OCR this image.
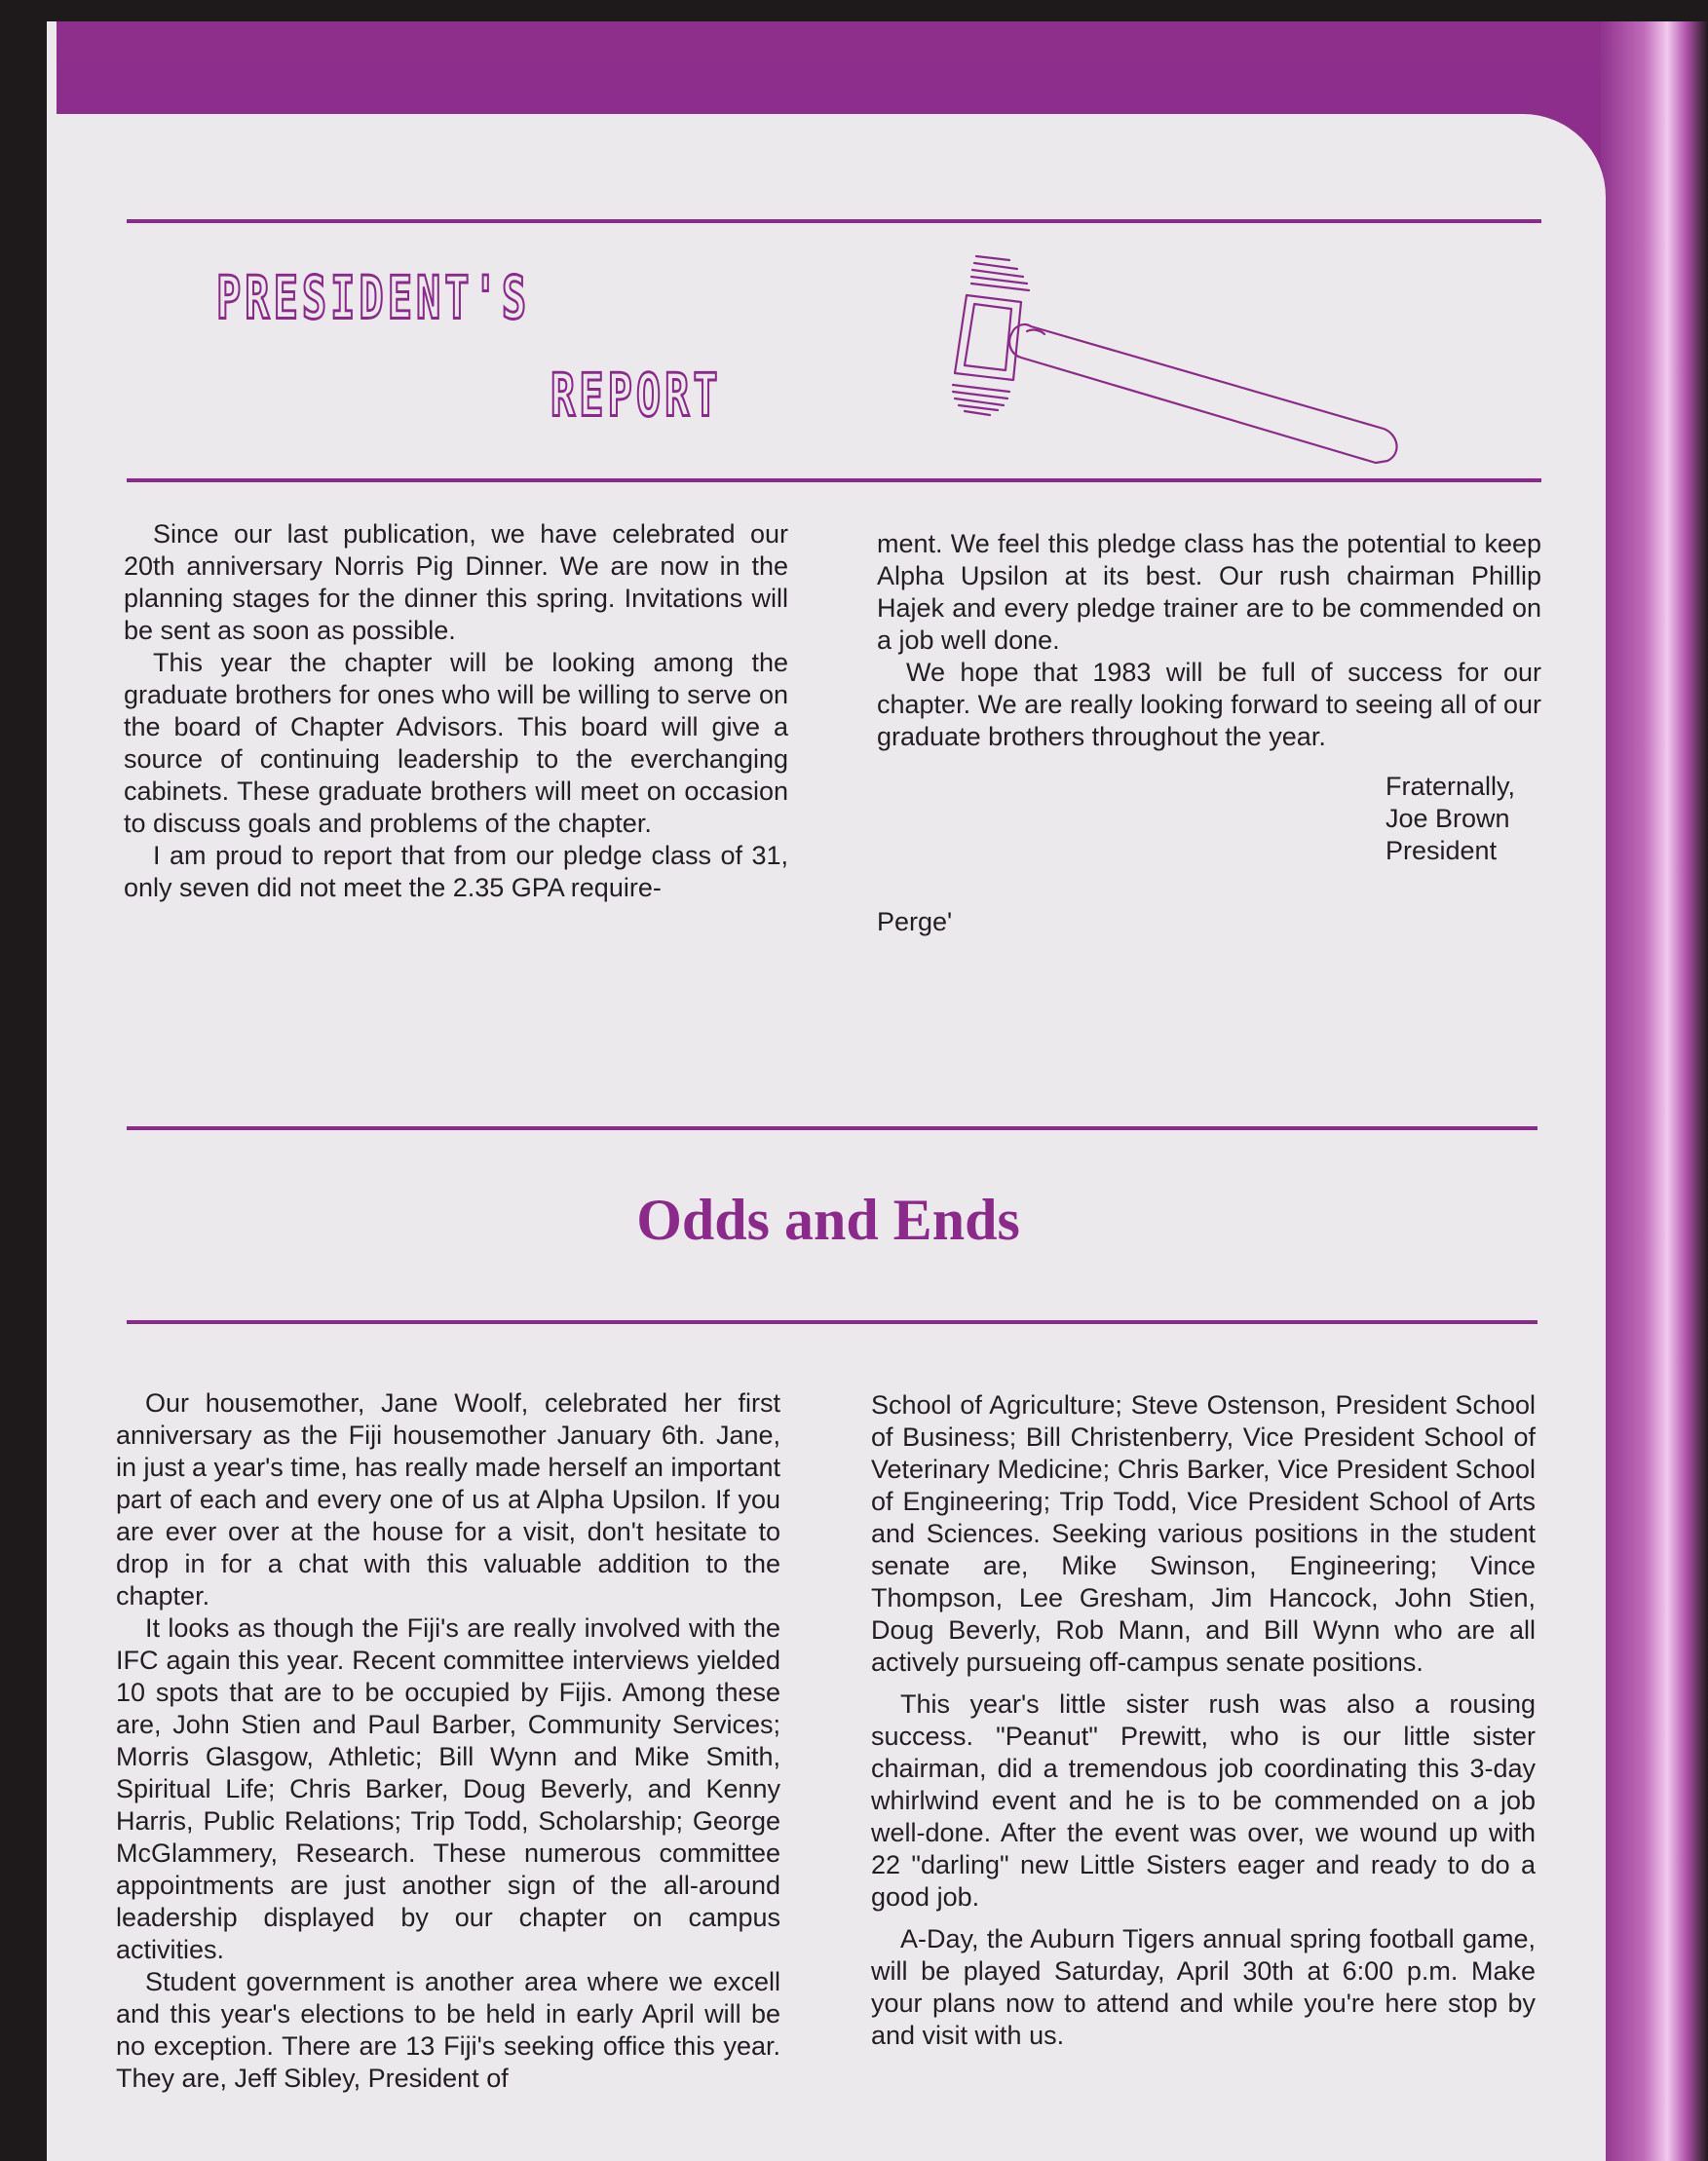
PRESIDENT'S
REPORT

Since our last publication, we have celebrated our 20th anniversary Norris Pig Dinner. We are now in the planning stages for the dinner this spring. Invitations will be sent as soon as possible.

This year the chapter will be looking among the graduate brothers for ones who will be willing to serve on the board of Chapter Advisors. This board will give a source of continuing leadership to the everchanging cabinets. These graduate brothers will meet on occasion to discuss goals and problems of the chapter.

I am proud to report that from our pledge class of 31, only seven did not meet the 2.35 GPA require-

ment. We feel this pledge class has the potential to keep Alpha Upsilon at its best. Our rush chairman Phillip Hajek and every pledge trainer are to be commended on a job well done.

We hope that 1983 will be full of success for our chapter. We are really looking forward to seeing all of our graduate brothers throughout the year.

Fraternally,
Joe Brown
President
Perge'
Odds and Ends

Our housemother, Jane Woolf, celebrated her first anniversary as the Fiji housemother January 6th. Jane, in just a year's time, has really made herself an important part of each and every one of us at Alpha Upsilon. If you are ever over at the house for a visit, don't hesitate to drop in for a chat with this valuable addition to the chapter.

It looks as though the Fiji's are really involved with the IFC again this year. Recent committee interviews yielded 10 spots that are to be occupied by Fijis. Among these are, John Stien and Paul Barber, Community Services; Morris Glasgow, Athletic; Bill Wynn and Mike Smith, Spiritual Life; Chris Barker, Doug Beverly, and Kenny Harris, Public Relations; Trip Todd, Scholarship; George McGlammery, Research. These numerous committee appointments are just another sign of the all-around leadership displayed by our chapter on campus activities.

Student government is another area where we excell and this year's elections to be held in early April will be no exception. There are 13 Fiji's seeking office this year. They are, Jeff Sibley, President of

School of Agriculture; Steve Ostenson, President School of Business; Bill Christenberry, Vice President School of Veterinary Medicine; Chris Barker, Vice President School of Engineering; Trip Todd, Vice President School of Arts and Sciences. Seeking various positions in the student senate are, Mike Swinson, Engineering; Vince Thompson, Lee Gresham, Jim Hancock, John Stien, Doug Beverly, Rob Mann, and Bill Wynn who are all actively pursueing off-campus senate positions.

This year's little sister rush was also a rousing success. "Peanut" Prewitt, who is our little sister chairman, did a tremendous job coordinating this 3-day whirlwind event and he is to be commended on a job well-done. After the event was over, we wound up with 22 "darling" new Little Sisters eager and ready to do a good job.

A-Day, the Auburn Tigers annual spring football game, will be played Saturday, April 30th at 6:00 p.m. Make your plans now to attend and while you're here stop by and visit with us.
